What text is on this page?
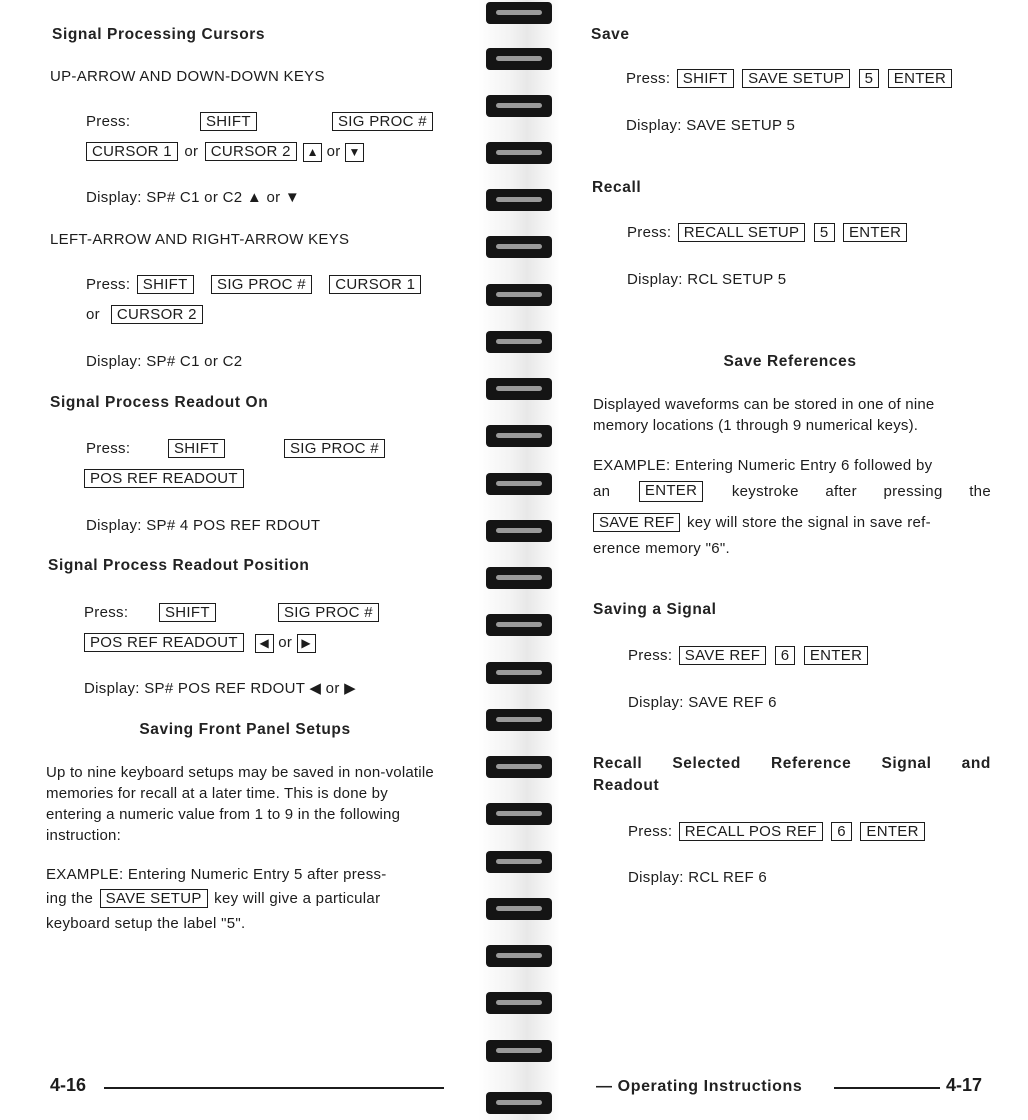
Signal Processing Cursors
UP-ARROW AND DOWN-DOWN KEYS
Press:	SHIFT	SIG PROC #
CURSOR 1 or CURSOR 2 ▲ or ▼
Display: SP# C1 or C2 ▲ or ▼
LEFT-ARROW AND RIGHT-ARROW KEYS
Press: SHIFT SIG PROC # CURSOR 1
or CURSOR 2
Display: SP# C1 or C2
Signal Process Readout On
Press:	SHIFT	SIG PROC #
POS REF READOUT
Display: SP# 4 POS REF RDOUT
Signal Process Readout Position
Press:	SHIFT	SIG PROC #
POS REF READOUT ◀ or ▶
Display: SP# POS REF RDOUT ◀ or ▶
Saving Front Panel Setups
Up to nine keyboard setups may be saved in non-volatile memories for recall at a later time. This is done by entering a numeric value from 1 to 9 in the following instruction:
EXAMPLE: Entering Numeric Entry 5 after press-
ing the SAVE SETUP key will give a particular
keyboard setup the label "5".
4-16
Save
Press: SHIFT SAVE SETUP 5 ENTER
Display: SAVE SETUP 5
Recall
Press: RECALL SETUP 5 ENTER
Display: RCL SETUP 5
Save References
Displayed waveforms can be stored in one of nine memory locations (1 through 9 numerical keys).
EXAMPLE: Entering Numeric Entry 6 followed by
an	ENTER	keystroke after pressing the
SAVE REF key will store the signal in save ref-
erence memory "6".
Saving a Signal
Press: SAVE REF 6 ENTER
Display: SAVE REF 6
Recall Selected Reference Signal and
Readout
Press: RECALL POS REF 6 ENTER
Display: RCL REF 6
— Operating Instructions	4-17
